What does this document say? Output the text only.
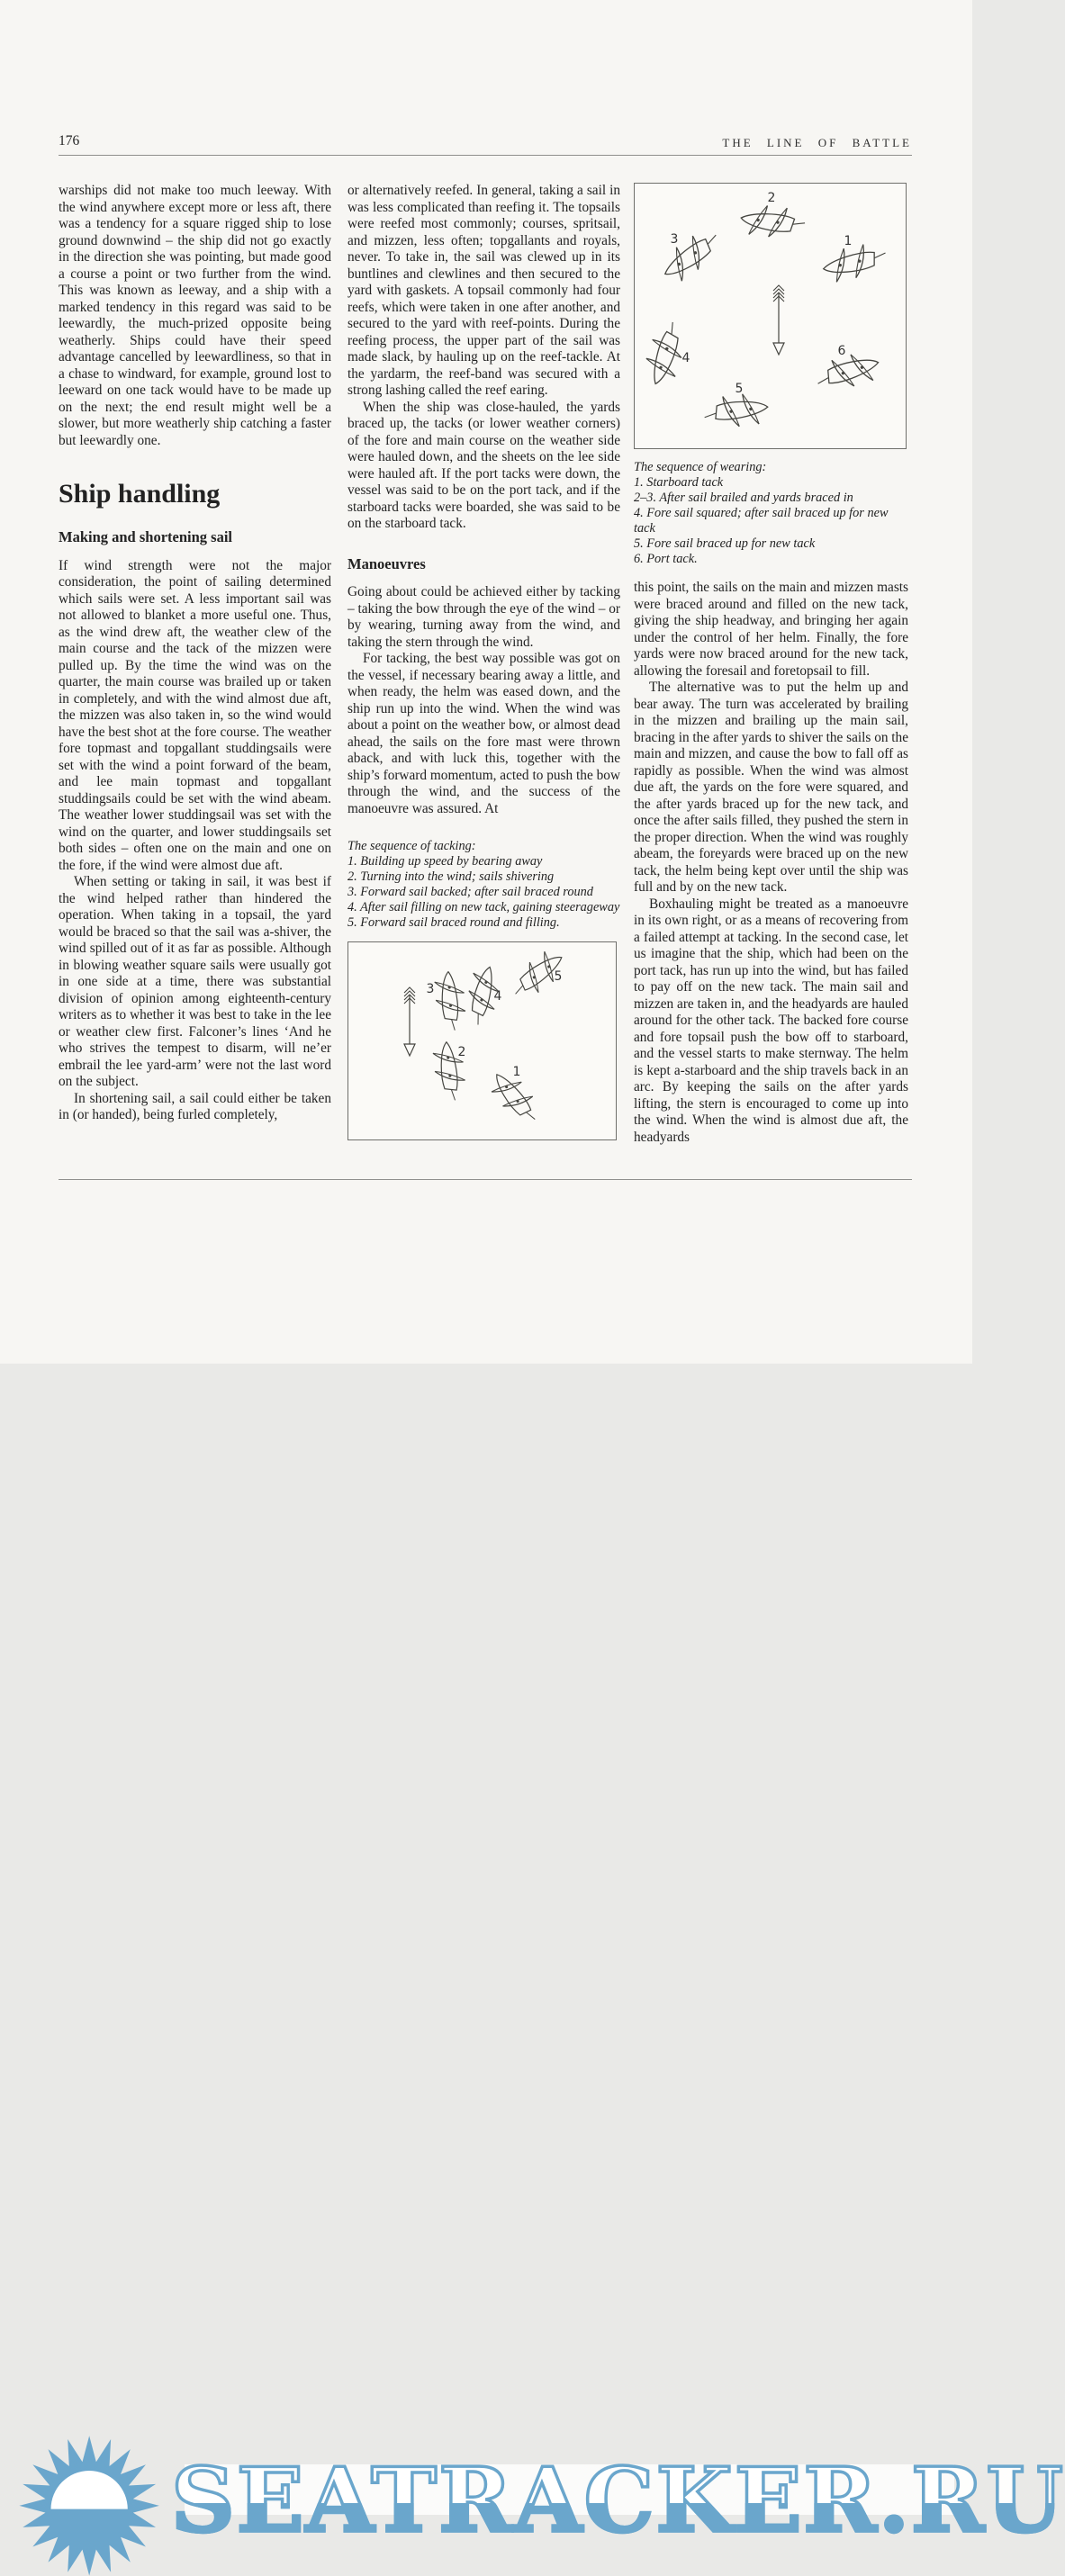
176	THE LINE OF BATTLE

warships did not make too much leeway. With the wind anywhere except more or less aft, there was a tendency for a square rigged ship to lose ground downwind – the ship did not go exactly in the direction she was pointing, but made good a course a point or two further from the wind. This was known as leeway, and a ship with a marked tendency in this regard was said to be leewardly, the much-prized opposite being weatherly. Ships could have their speed advantage cancelled by leewardliness, so that in a chase to windward, for example, ground lost to leeward on one tack would have to be made up on the next; the end result might well be a slower, but more weatherly ship catching a faster but leewardly one.

Ship handling
Making and shortening sail

If wind strength were not the major consideration, the point of sailing determined which sails were set. A less important sail was not allowed to blanket a more useful one. Thus, as the wind drew aft, the weather clew of the main course and the tack of the mizzen were pulled up. By the time the wind was on the quarter, the main course was brailed up or taken in completely, and with the wind almost due aft, the mizzen was also taken in, so the wind would have the best shot at the fore course. The weather fore topmast and topgallant studdingsails were set with the wind a point forward of the beam, and lee main topmast and topgallant studdingsails could be set with the wind abeam. The weather lower studdingsail was set with the wind on the quarter, and lower studdingsails set both sides – often one on the main and one on the fore, if the wind were almost due aft.

When setting or taking in sail, it was best if the wind helped rather than hindered the operation. When taking in a topsail, the yard would be braced so that the sail was a-shiver, the wind spilled out of it as far as possible. Although in blowing weather square sails were usually got in one side at a time, there was substantial division of opinion among eighteenth-century writers as to whether it was best to take in the lee or weather clew first. Falconer’s lines ‘And he who strives the tempest to disarm, will ne’er embrail the lee yard-arm’ were not the last word on the subject.

In shortening sail, a sail could either be taken in (or handed), being furled completely,

or alternatively reefed. In general, taking a sail in was less complicated than reefing it. The topsails were reefed most commonly; courses, spritsail, and mizzen, less often; topgallants and royals, never. To take in, the sail was clewed up in its buntlines and clewlines and then secured to the yard with gaskets. A topsail commonly had four reefs, which were taken in one after another, and secured to the yard with reef-points. During the reefing process, the upper part of the sail was made slack, by hauling up on the reef-tackle. At the yardarm, the reef-band was secured with a strong lashing called the reef earing.

When the ship was close-hauled, the yards braced up, the tacks (or lower weather corners) of the fore and main course on the weather side were hauled down, and the sheets on the lee side were hauled aft. If the port tacks were down, the vessel was said to be on the port tack, and if the starboard tacks were boarded, she was said to be on the starboard tack.

Manoeuvres

Going about could be achieved either by tacking – taking the bow through the eye of the wind – or by wearing, turning away from the wind, and taking the stern through the wind.

For tacking, the best way possible was got on the vessel, if necessary bearing away a little, and when ready, the helm was eased down, and the ship run up into the wind. When the wind was about a point on the weather bow, or almost dead ahead, the sails on the fore mast were thrown aback, and with luck this, together with the ship’s forward momentum, acted to push the bow through the wind, and the success of the manoeuvre was assured. At

The sequence of tacking:
1. Building up speed by bearing away
2. Turning into the wind; sails shivering
3. Forward sail backed; after sail braced round
4. After sail filling on new tack, gaining steerageway
5. Forward sail braced round and filling.
1
2
3	4
5
1
2
3
4
5
6
The sequence of wearing:
1. Starboard tack
2–3. After sail brailed and yards braced in
4. Fore sail squared; after sail braced up for new tack
5. Fore sail braced up for new tack
6. Port tack.

this point, the sails on the main and mizzen masts were braced around and filled on the new tack, giving the ship headway, and bringing her again under the control of her helm. Finally, the fore yards were now braced around for the new tack, allowing the foresail and foretopsail to fill.

The alternative was to put the helm up and bear away. The turn was accelerated by brailing in the mizzen and brailing up the main sail, bracing in the after yards to shiver the sails on the main and mizzen, and cause the bow to fall off as rapidly as possible. When the wind was almost due aft, the yards on the fore were squared, and the after yards braced up for the new tack, and once the after sails filled, they pushed the stern in the proper direction. When the wind was roughly abeam, the foreyards were braced up on the new tack, the helm being kept over until the ship was full and by on the new tack.

Boxhauling might be treated as a manoeuvre in its own right, or as a means of recovering from a failed attempt at tacking. In the second case, let us imagine that the ship, which had been on the port tack, has run up into the wind, but has failed to pay off on the new tack. The main sail and mizzen are taken in, and the headyards are hauled around for the other tack. The backed fore course and fore topsail push the bow off to starboard, and the vessel starts to make sternway. The helm is kept a-starboard and the ship travels back in an arc. By keeping the sails on the after yards lifting, the stern is encouraged to come up into the wind. When the wind is almost due aft, the headyards

SEATRACKER.RU
